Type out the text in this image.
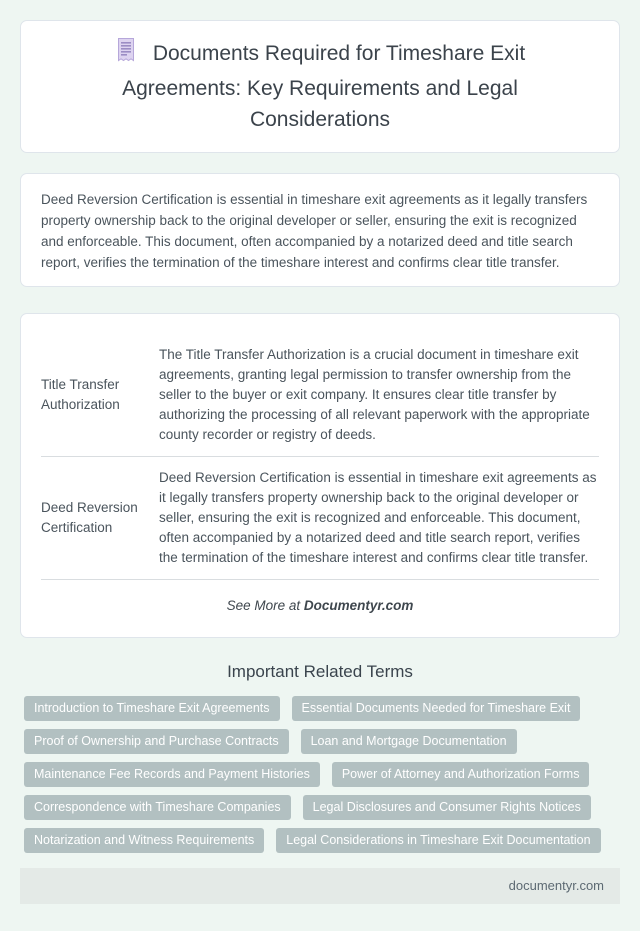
Documents Required for Timeshare Exit Agreements: Key Requirements and Legal Considerations

Deed Reversion Certification is essential in timeshare exit agreements as it legally transfers property ownership back to the original developer or seller, ensuring the exit is recognized and enforceable. This document, often accompanied by a notarized deed and title search report, verifies the termination of the timeshare interest and confirms clear title transfer.

Title Transfer Authorization	The Title Transfer Authorization is a crucial document in timeshare exit agreements, granting legal permission to transfer ownership from the seller to the buyer or exit company. It ensures clear title transfer by authorizing the processing of all relevant paperwork with the appropriate county recorder or registry of deeds.
Deed Reversion Certification	Deed Reversion Certification is essential in timeshare exit agreements as it legally transfers property ownership back to the original developer or seller, ensuring the exit is recognized and enforceable. This document, often accompanied by a notarized deed and title search report, verifies the termination of the timeshare interest and confirms clear title transfer.
See More at Documentyr.com
Important Related Terms
Introduction to Timeshare Exit Agreements	Essential Documents Needed for Timeshare Exit
Proof of Ownership and Purchase Contracts	Loan and Mortgage Documentation
Maintenance Fee Records and Payment Histories	Power of Attorney and Authorization Forms
Correspondence with Timeshare Companies	Legal Disclosures and Consumer Rights Notices
Notarization and Witness Requirements	Legal Considerations in Timeshare Exit Documentation
documentyr.com
